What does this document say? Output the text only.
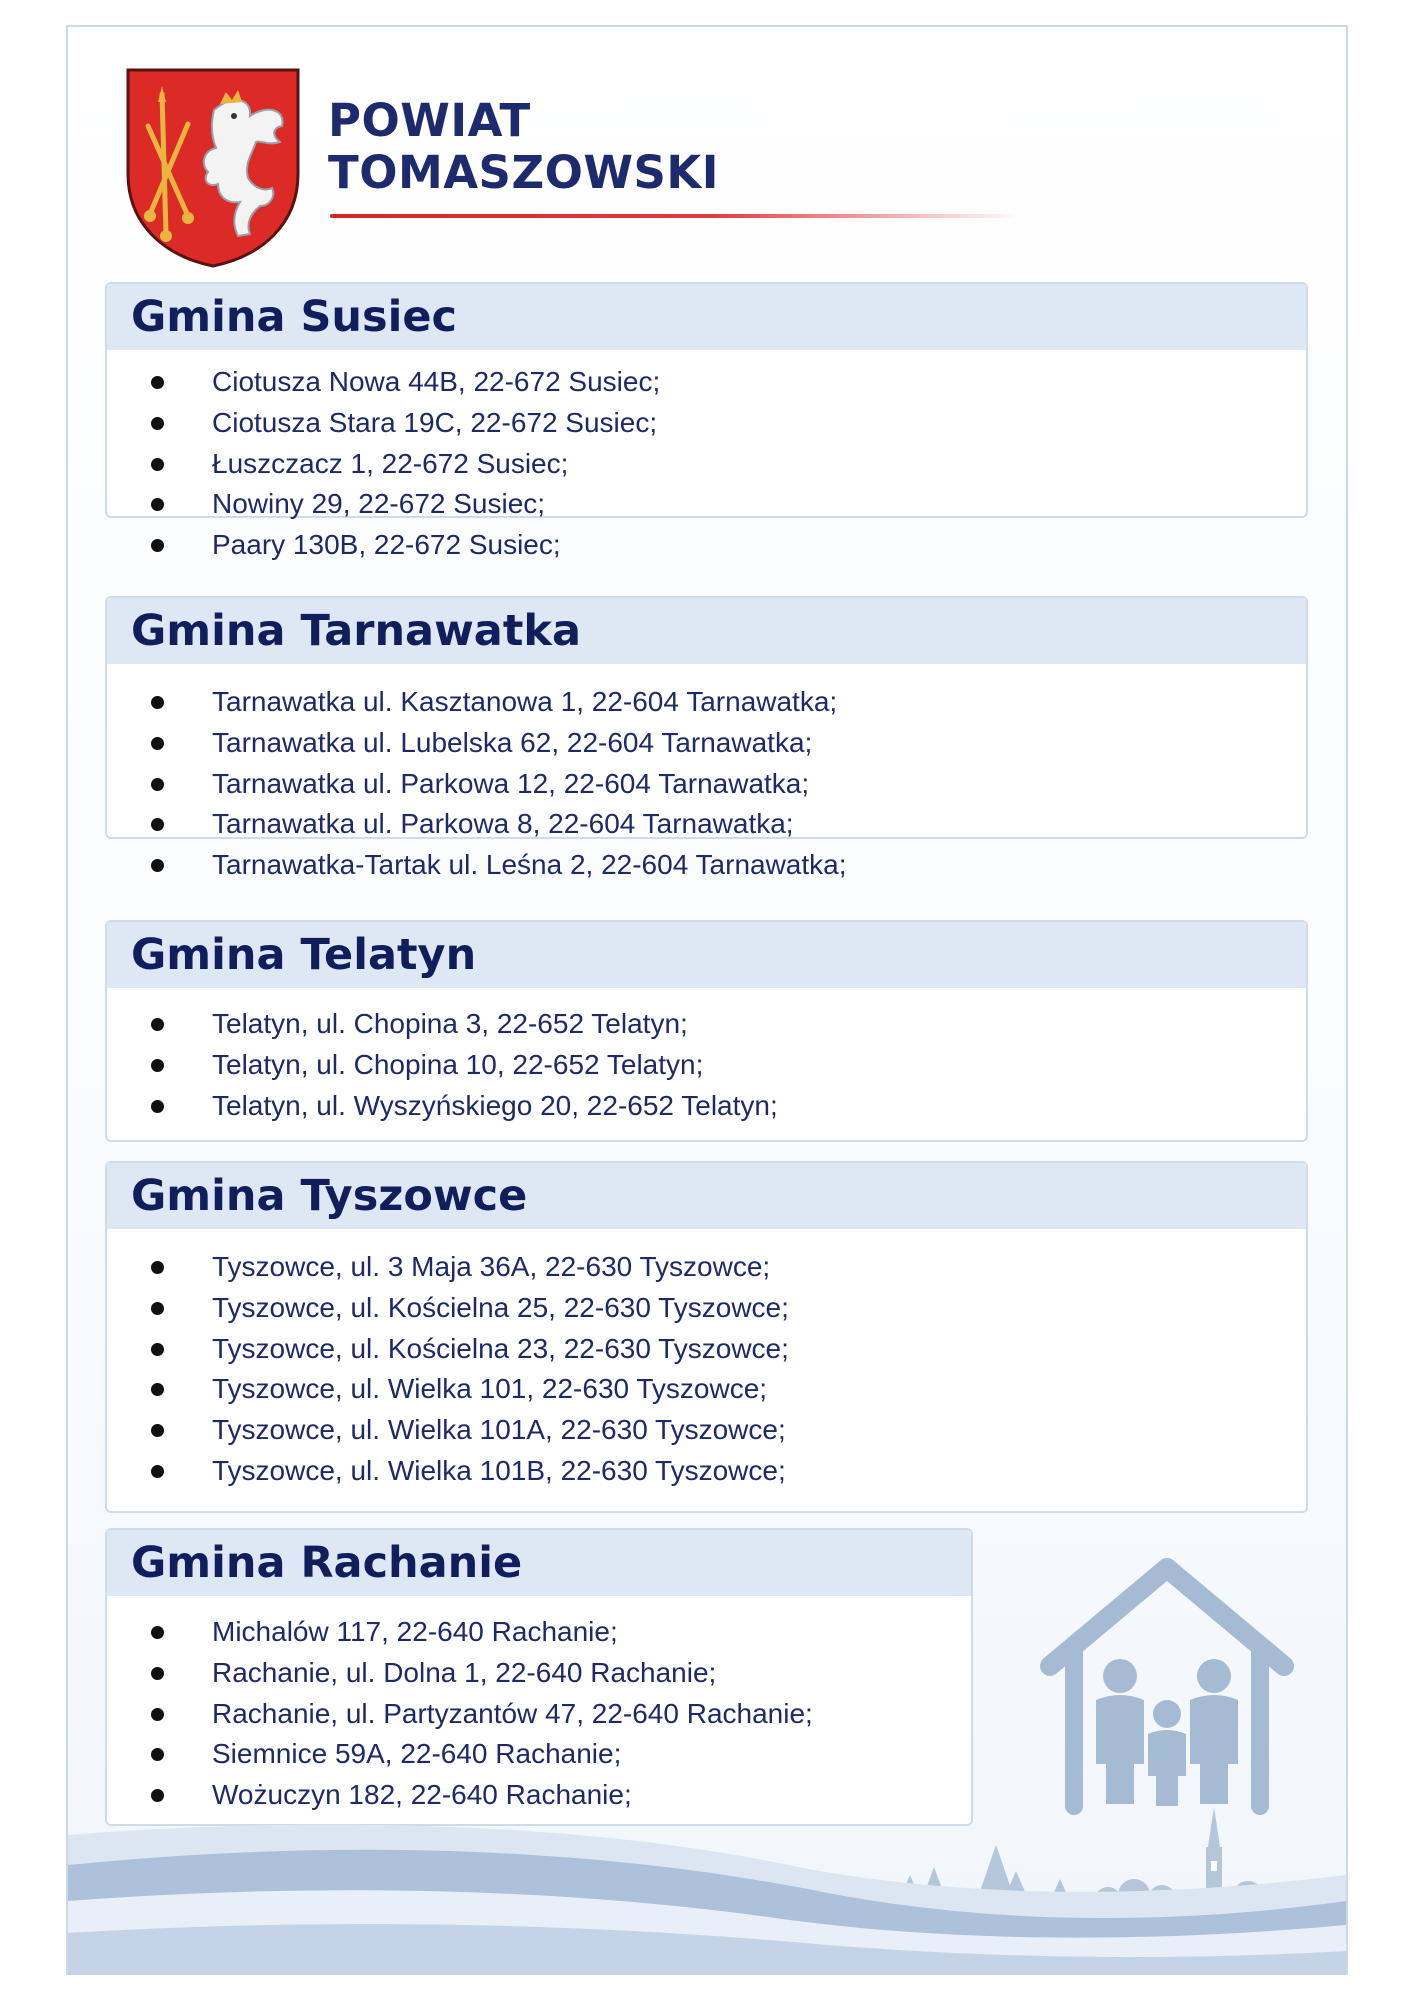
POWIAT
TOMASZOWSKI
Gmina Susiec
Ciotusza Nowa 44B, 22-672 Susiec;
Ciotusza Stara 19C, 22-672 Susiec;
Łuszczacz 1, 22-672 Susiec;
Nowiny 29, 22-672 Susiec;
Paary 130B, 22-672 Susiec;
Gmina Tarnawatka
Tarnawatka ul. Kasztanowa 1, 22-604 Tarnawatka;
Tarnawatka ul. Lubelska 62, 22-604 Tarnawatka;
Tarnawatka ul. Parkowa 12, 22-604 Tarnawatka;
Tarnawatka ul. Parkowa 8, 22-604 Tarnawatka;
Tarnawatka-Tartak ul. Leśna 2, 22-604 Tarnawatka;
Gmina Telatyn
Telatyn, ul. Chopina 3, 22-652 Telatyn;
Telatyn, ul. Chopina 10, 22-652 Telatyn;
Telatyn, ul. Wyszyńskiego 20, 22-652 Telatyn;
Gmina Tyszowce
Tyszowce, ul. 3 Maja 36A, 22-630 Tyszowce;
Tyszowce, ul. Kościelna 25, 22-630 Tyszowce;
Tyszowce, ul. Kościelna 23, 22-630 Tyszowce;
Tyszowce, ul. Wielka 101, 22-630 Tyszowce;
Tyszowce, ul. Wielka 101A, 22-630 Tyszowce;
Tyszowce, ul. Wielka 101B, 22-630 Tyszowce;
Gmina Rachanie
Michalów 117, 22-640 Rachanie;
Rachanie, ul. Dolna 1, 22-640 Rachanie;
Rachanie, ul. Partyzantów 47, 22-640 Rachanie;
Siemnice 59A, 22-640 Rachanie;
Wożuczyn 182, 22-640 Rachanie;
